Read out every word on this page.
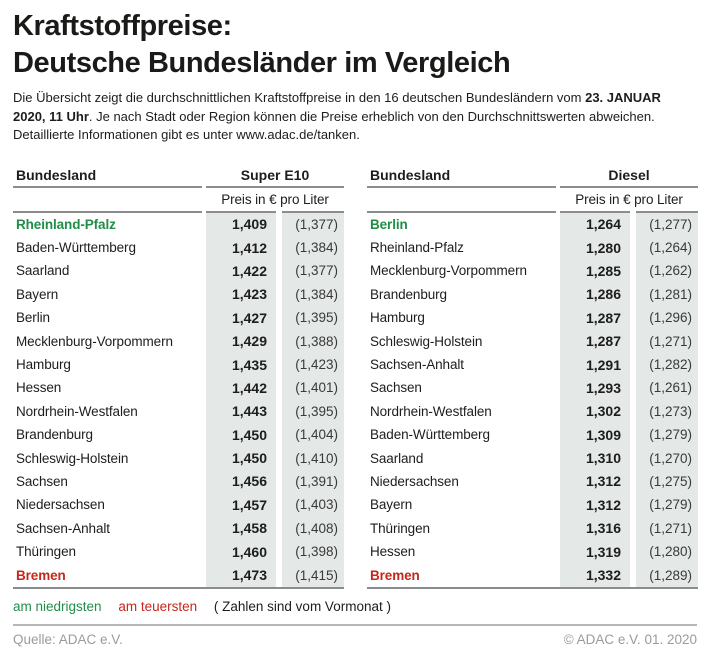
Kraftstoffpreise:
Deutsche Bundesländer im Vergleich

Die Übersicht zeigt die durchschnittlichen Kraftstoffpreise in den 16 deutschen Bundesländern vom 23. JANUAR 2020, 11 Uhr. Je nach Stadt oder Region können die Preise erheblich von den Durchschnittswerten abweichen. Detaillierte Informationen gibt es unter www.adac.de/tanken.

Bundesland	Super E10
Preis in € pro Liter
Rheinland-Pfalz	1,409	(1,377)
Baden-Württemberg	1,412	(1,384)
Saarland	1,422	(1,377)
Bayern	1,423	(1,384)
Berlin	1,427	(1,395)
Mecklenburg-Vorpommern	1,429	(1,388)
Hamburg	1,435	(1,423)
Hessen	1,442	(1,401)
Nordrhein-Westfalen	1,443	(1,395)
Brandenburg	1,450	(1,404)
Schleswig-Holstein	1,450	(1,410)
Sachsen	1,456	(1,391)
Niedersachsen	1,457	(1,403)
Sachsen-Anhalt	1,458	(1,408)
Thüringen	1,460	(1,398)
Bremen	1,473	(1,415)
Bundesland	Diesel
Preis in € pro Liter
Berlin	1,264	(1,277)
Rheinland-Pfalz	1,280	(1,264)
Mecklenburg-Vorpommern	1,285	(1,262)
Brandenburg	1,286	(1,281)
Hamburg	1,287	(1,296)
Schleswig-Holstein	1,287	(1,271)
Sachsen-Anhalt	1,291	(1,282)
Sachsen	1,293	(1,261)
Nordrhein-Westfalen	1,302	(1,273)
Baden-Württemberg	1,309	(1,279)
Saarland	1,310	(1,270)
Niedersachsen	1,312	(1,275)
Bayern	1,312	(1,279)
Thüringen	1,316	(1,271)
Hessen	1,319	(1,280)
Bremen	1,332	(1,289)
am niedrigsten am teuersten ( Zahlen sind vom Vormonat )
Quelle: ADAC e.V.	© ADAC e.V. 01. 2020
